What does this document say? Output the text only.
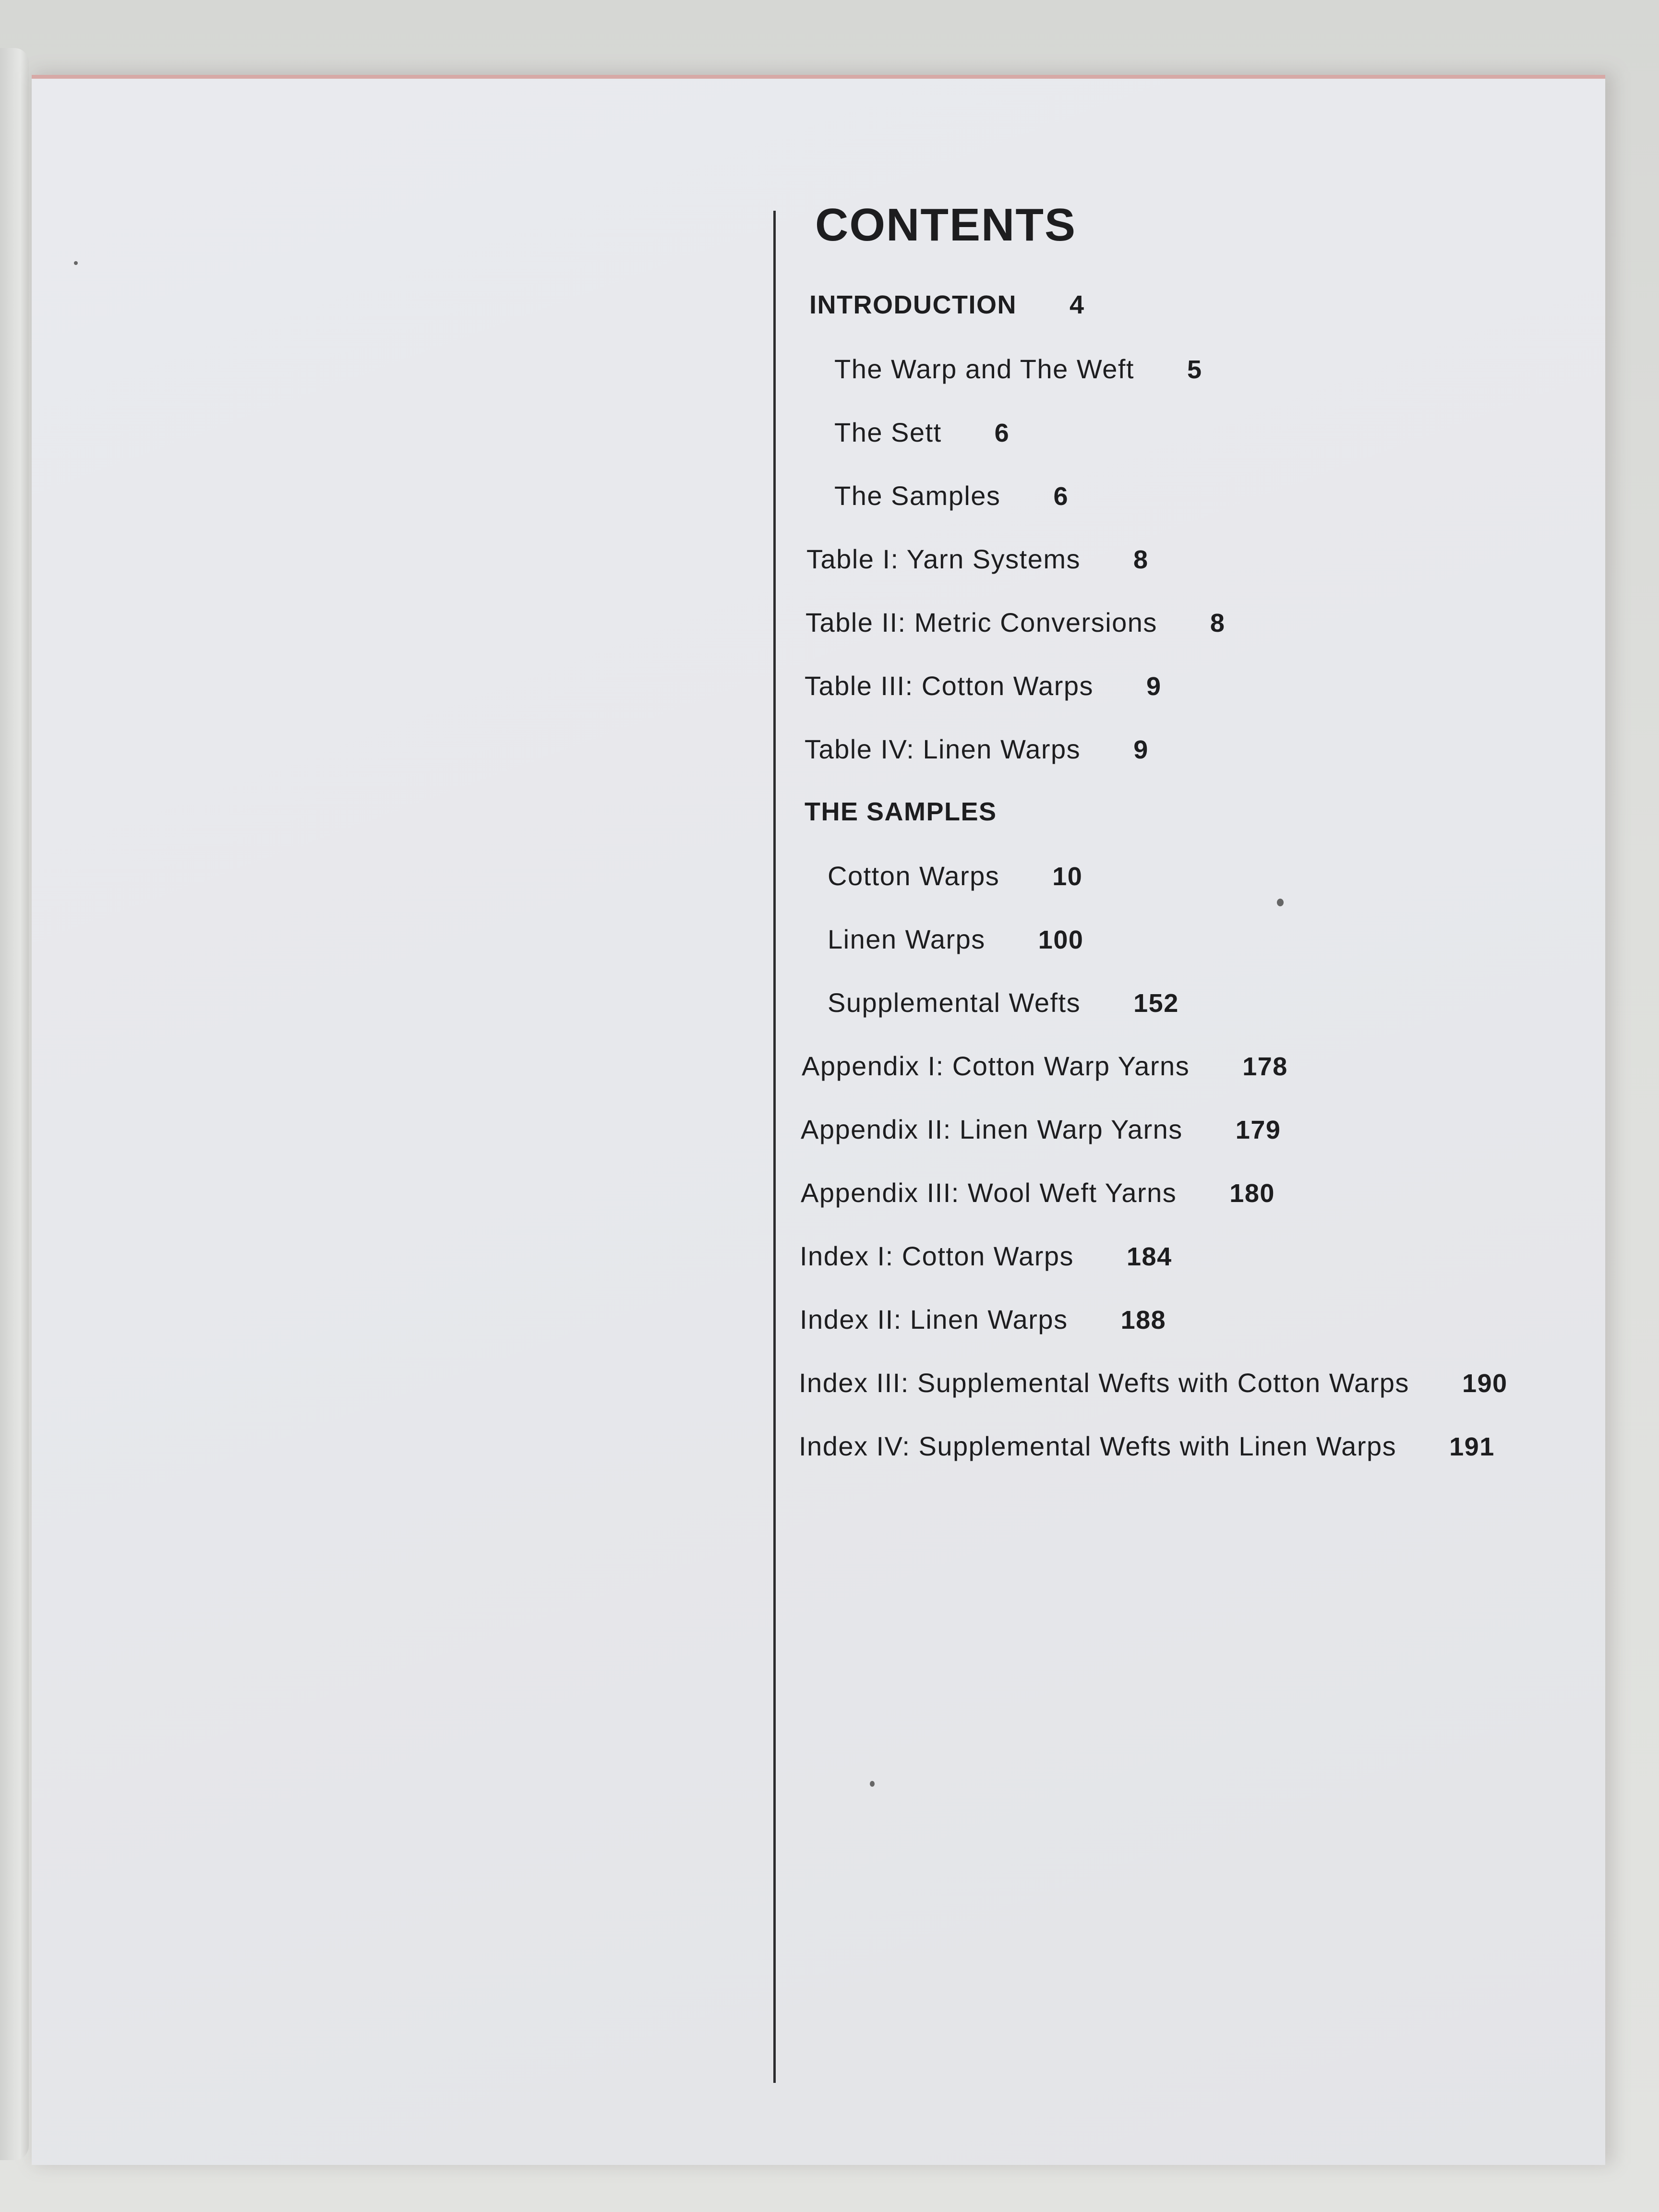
CONTENTS
INTRODUCTION 4
The Warp and The Weft 5
The Sett 6
The Samples 6
Table I: Yarn Systems 8
Table II: Metric Conversions 8
Table III: Cotton Warps 9
Table IV: Linen Warps 9
THE SAMPLES
Cotton Warps 10
Linen Warps 100
Supplemental Wefts 152
Appendix I: Cotton Warp Yarns 178
Appendix II: Linen Warp Yarns 179
Appendix III: Wool Weft Yarns 180
Index I: Cotton Warps 184
Index II: Linen Warps 188
Index III: Supplemental Wefts with Cotton Warps 190
Index IV: Supplemental Wefts with Linen Warps 191
